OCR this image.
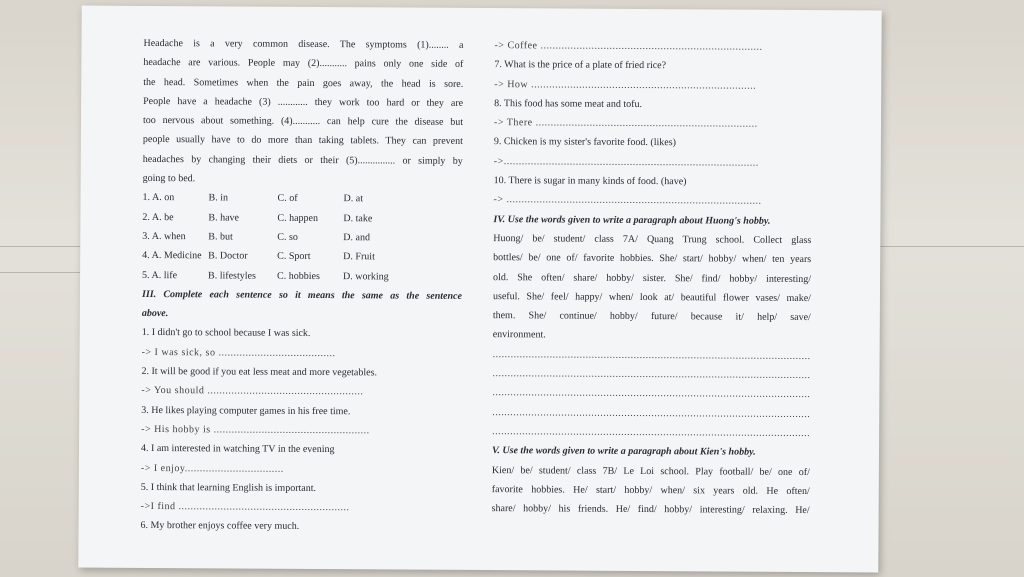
Headache is a very common disease. The symptoms (1)........ a
headache are various. People may (2)........... pains only one side of
the head. Sometimes when the pain goes away, the head is sore.
People have a headache (3) ............ they work too hard or they are
too nervous about something. (4)........... can help cure the disease but
people usually have to do more than taking tablets. They can prevent
headaches by changing their diets or their (5)............... or simply by
going to bed.
1. A. on	B. in	C. of	D. at
2. A. be	B. have	C. happen	D. take
3. A. when	B. but	C. so	D. and
4. A. Medicine B. Doctor	C. Sport	D. Fruit
5. A. life	B. lifestyles	C. hobbies	D. working
III. Complete each sentence so it means the same as the sentence
above.
1. I didn't go to school because I was sick.
-> I was sick, so .......................................
2. It will be good if you eat less meat and more vegetables.
-> You should ....................................................
3. He likes playing computer games in his free time.
-> His hobby is ....................................................
4. I am interested in watching TV in the evening
-> I enjoy.................................
5. I think that learning English is important.
->I find .........................................................
6. My brother enjoys coffee very much.
-> Coffee ..........................................................................
7. What is the price of a plate of fried rice?
-> How ...........................................................................
8. This food has some meat and tofu.
-> There ..........................................................................
9. Chicken is my sister's favorite food. (likes)
->.....................................................................................
10. There is sugar in many kinds of food. (have)
-> .....................................................................................
IV. Use the words given to write a paragraph about Huong's hobby.
Huong/ be/ student/ class 7A/ Quang Trung school. Collect glass
bottles/ be/ one of/ favorite hobbies. She/ start/ hobby/ when/ ten years
old. She often/ share/ hobby/ sister. She/ find/ hobby/ interesting/
useful. She/ feel/ happy/ when/ look at/ beautiful flower vases/ make/
them. She/ continue/ hobby/ future/ because it/ help/ save/
environment.
..........................................................................................................
..........................................................................................................
..........................................................................................................
..........................................................................................................
..........................................................................................................
V. Use the words given to write a paragraph about Kien's hobby.
Kien/ be/ student/ class 7B/ Le Loi school. Play football/ be/ one of/
favorite hobbies. He/ start/ hobby/ when/ six years old. He often/
share/ hobby/ his friends. He/ find/ hobby/ interesting/ relaxing. He/
